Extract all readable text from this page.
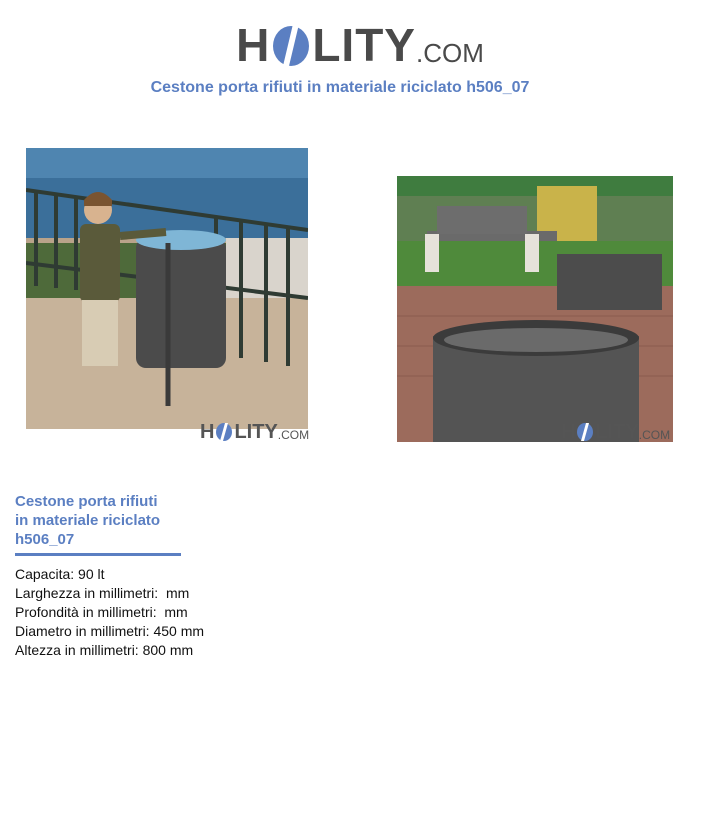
H LITY .COM
Cestone porta rifiuti in materiale riciclato h506_07
H LITY .COM	H LITY .COM
Cestone porta rifiuti
in materiale riciclato
h506_07
Capacita: 90 lt
Larghezza in millimetri:  mm
Profondità in millimetri:  mm
Diametro in millimetri: 450 mm
Altezza in millimetri: 800 mm
